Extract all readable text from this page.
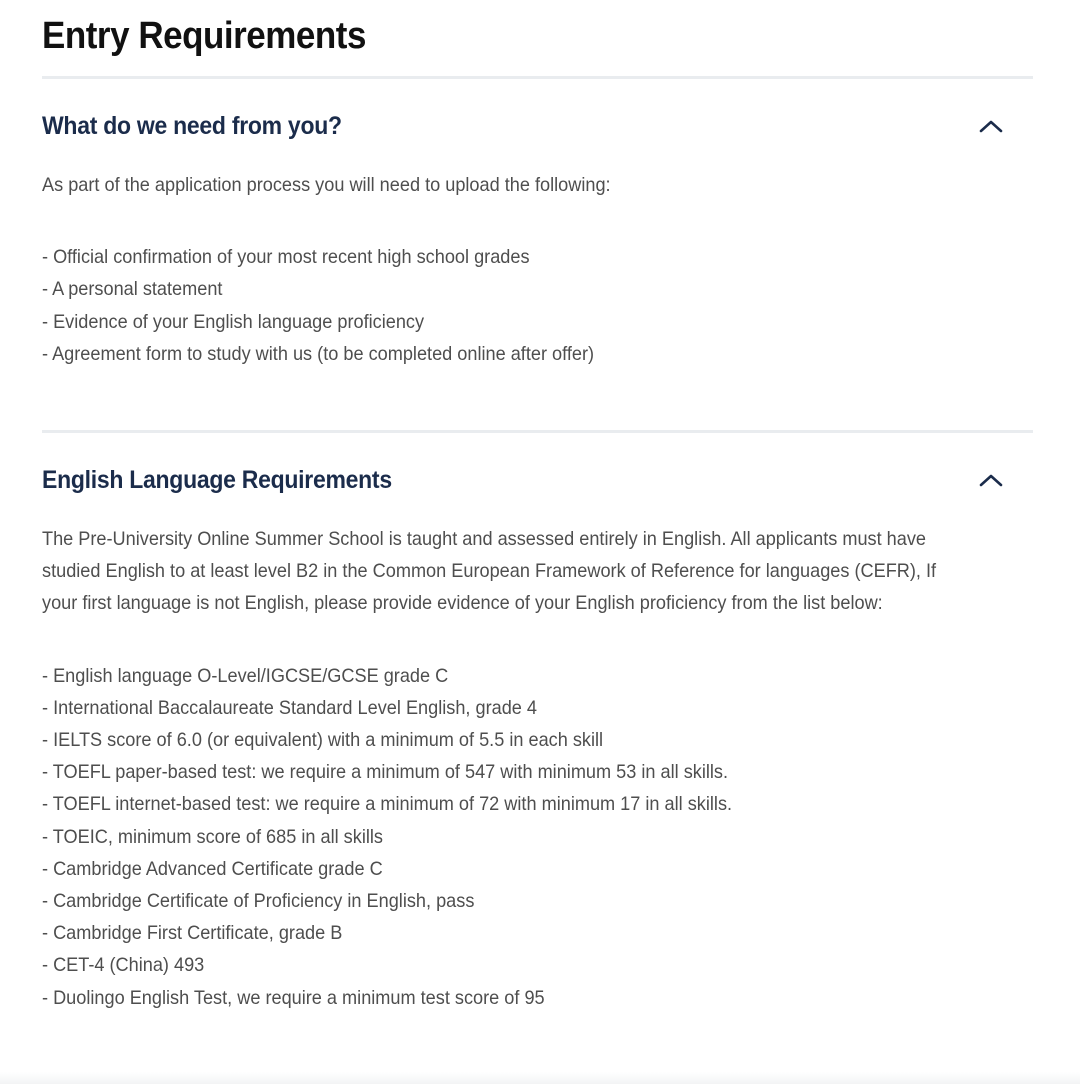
Entry Requirements
What do we need from you?

As part of the application process you will need to upload the following:

- Official confirmation of your most recent high school grades
- A personal statement
- Evidence of your English language proficiency
- Agreement form to study with us (to be completed online after offer)
English Language Requirements

The Pre-University Online Summer School is taught and assessed entirely in English. All applicants must have studied English to at least level B2 in the Common European Framework of Reference for languages (CEFR), If your first language is not English, please provide evidence of your English proficiency from the list below:

- English language O-Level/IGCSE/GCSE grade C
- International Baccalaureate Standard Level English, grade 4
- IELTS score of 6.0 (or equivalent) with a minimum of 5.5 in each skill
- TOEFL paper-based test: we require a minimum of 547 with minimum 53 in all skills.
- TOEFL internet-based test: we require a minimum of 72 with minimum 17 in all skills.
- TOEIC, minimum score of 685 in all skills
- Cambridge Advanced Certificate grade C
- Cambridge Certificate of Proficiency in English, pass
- Cambridge First Certificate, grade B
- CET-4 (China) 493
- Duolingo English Test, we require a minimum test score of 95
